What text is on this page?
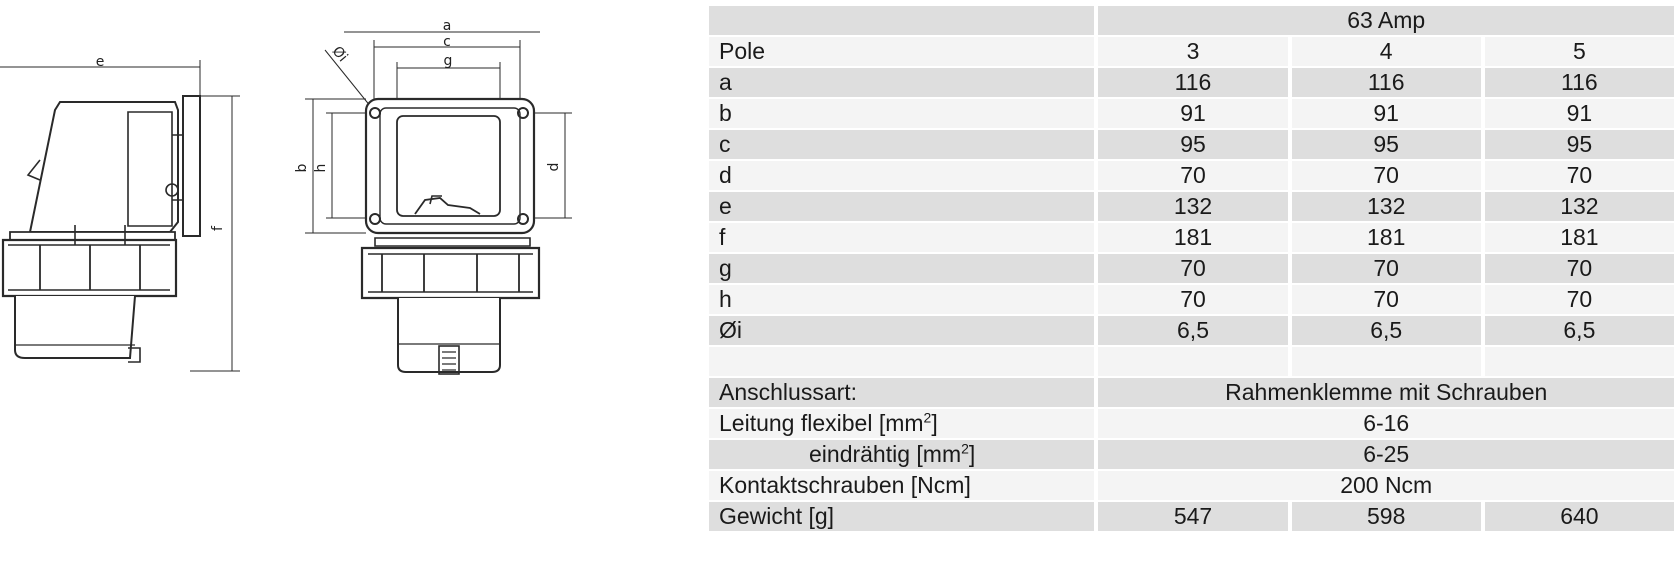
e
f
a
c
g
Øi
b h	d
	63 Amp		
Pole	3	4	5
a	116	116	116
b	91	91	91
c	95	95	95
d	70	70	70
e	132	132	132
f	181	181	181
g	70	70	70
h	70	70	70
Øi	6,5	6,5	6,5

Anschlussart:	Rahmenklemme mit Schrauben		
Leitung flexibel $[mm^2]$	6-16		
eindrähtig $[mm^2]$	6-25		
Kontaktschrauben [Ncm]	200 Ncm		
Gewicht [g]	547	598	640
